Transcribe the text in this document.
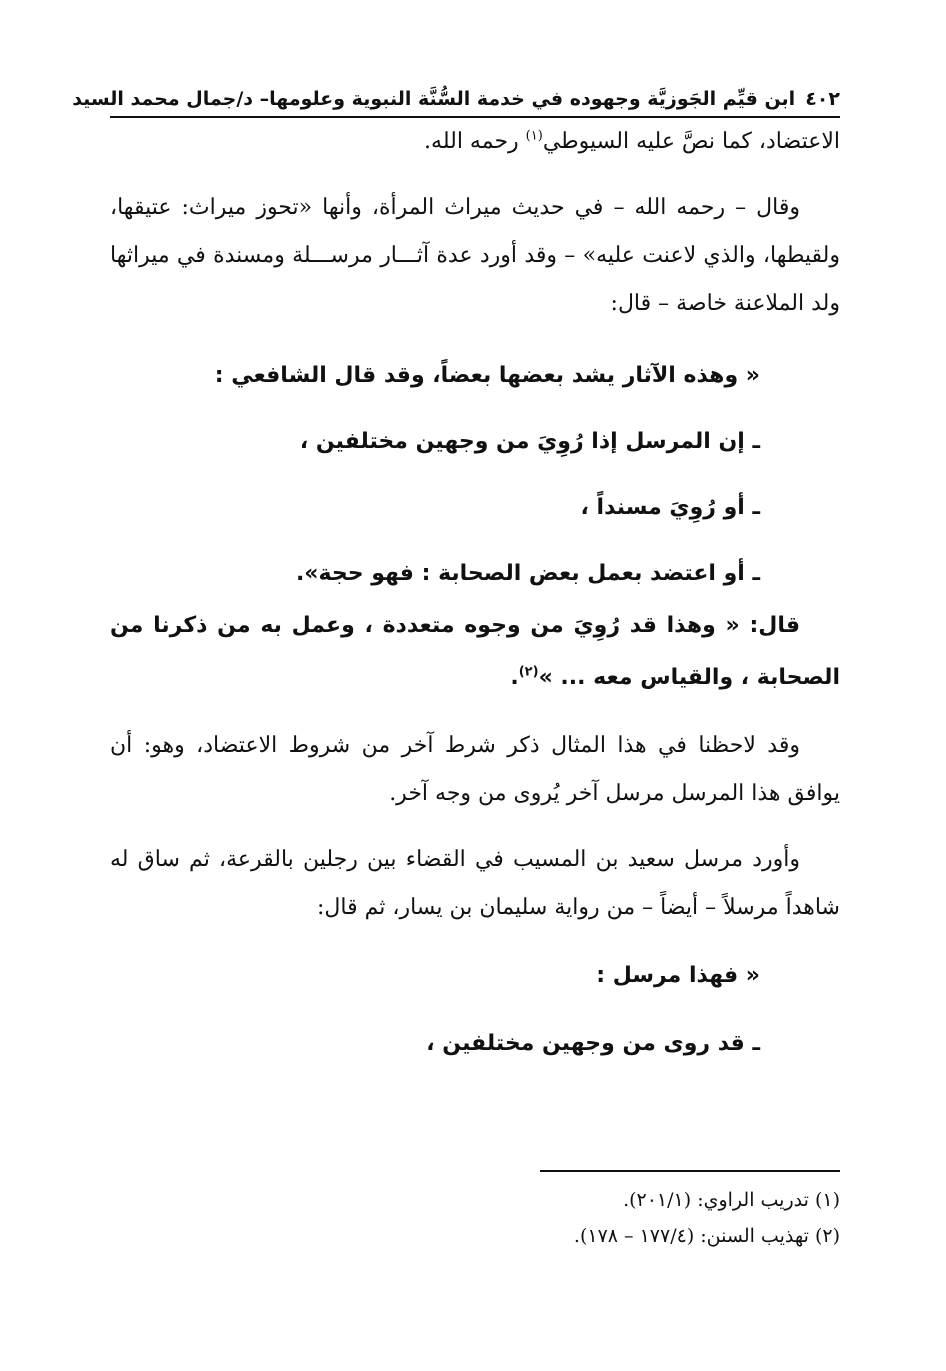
٤٠٢ابن قيِّم الجَوزيَّة وجهوده في خدمة السُّنَّة النبوية وعلومها– د/جمال محمد السيد

الاعتضاد، كما نصَّ عليه السيوطي$^{(١)}$ رحمه الله.

وقال – رحمه الله – في حديث ميراث المرأة، وأنها «تحوز ميراث: عتيقها، ولقيطها، والذي لاعنت عليه» – وقد أورد عدة آثـــار مرســـلة ومسندة في ميراثها ولد الملاعنة خاصة – قال:

« وهذه الآثار يشد بعضها بعضاً، وقد قال الشافعي :

ـ إن المرسل إذا رُوِيَ من وجهين مختلفين ،

ـ أو رُوِيَ مسنداً ،

ـ أو اعتضد بعمل بعض الصحابة : فهو حجة».

قال: « وهذا قد رُوِيَ من وجوه متعددة ، وعمل به من ذكرنا من الصحابة ، والقياس معه ... »$^{(٢)}$.

وقد لاحظنا في هذا المثال ذكر شرط آخر من شروط الاعتضاد، وهو: أن يوافق هذا المرسل مرسل آخر يُروى من وجه آخر.

وأورد مرسل سعيد بن المسيب في القضاء بين رجلين بالقرعة، ثم ساق له شاهداً مرسلاً – أيضاً – من رواية سليمان بن يسار، ثم قال:

« فهذا مرسل :

ـ قد روى من وجهين مختلفين ،

(١) تدريب الراوي: (٢٠١/١).

(٢) تهذيب السنن: (١٧٧/٤ – ١٧٨).
